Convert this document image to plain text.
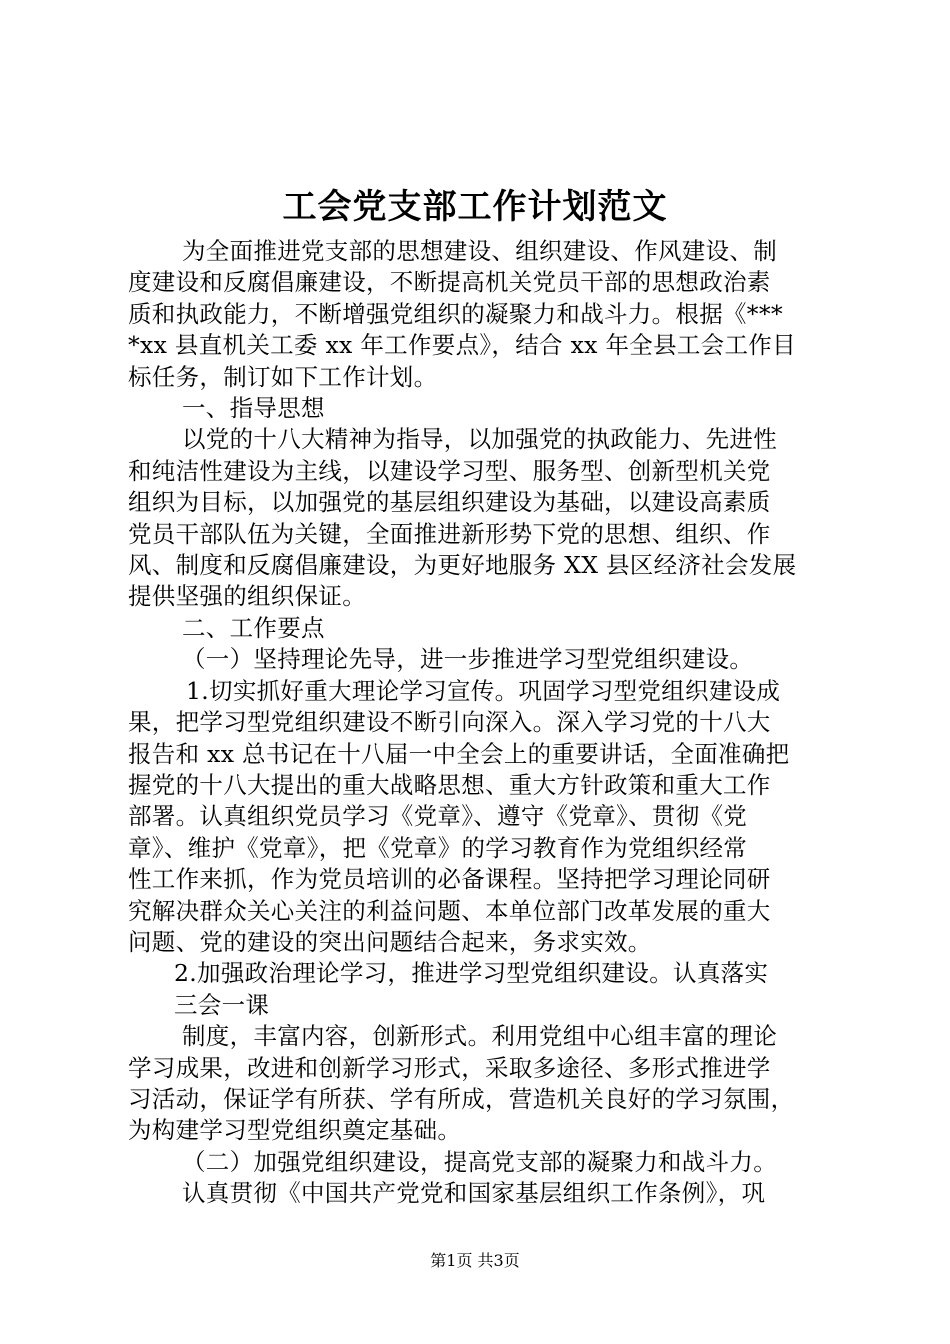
工会党支部工作计划范文

为全面推进党支部的思想建设、组织建设、作风建设、制

度建设和反腐倡廉建设，不断提高机关党员干部的思想政治素

质和执政能力，不断增强党组织的凝聚力和战斗力。根据《***

*xx 县直机关工委 xx 年工作要点》，结合 xx 年全县工会工作目

标任务，制订如下工作计划。

一、指导思想

以党的十八大精神为指导，以加强党的执政能力、先进性

和纯洁性建设为主线，以建设学习型、服务型、创新型机关党

组织为目标，以加强党的基层组织建设为基础，以建设高素质

党员干部队伍为关键，全面推进新形势下党的思想、组织、作

风、制度和反腐倡廉建设，为更好地服务 XX 县区经济社会发展

提供坚强的组织保证。

二、工作要点

（一）坚持理论先导，进一步推进学习型党组织建设。

1.切实抓好重大理论学习宣传。巩固学习型党组织建设成

果，把学习型党组织建设不断引向深入。深入学习党的十八大

报告和 xx 总书记在十八届一中全会上的重要讲话，全面准确把

握党的十八大提出的重大战略思想、重大方针政策和重大工作

部署。认真组织党员学习《党章》、遵守《党章》、贯彻《党

章》、维护《党章》，把《党章》的学习教育作为党组织经常

性工作来抓，作为党员培训的必备课程。坚持把学习理论同研

究解决群众关心关注的利益问题、本单位部门改革发展的重大

问题、党的建设的突出问题结合起来，务求实效。

2.加强政治理论学习，推进学习型党组织建设。认真落实

三会一课

制度，丰富内容，创新形式。利用党组中心组丰富的理论

学习成果，改进和创新学习形式，采取多途径、多形式推进学

习活动，保证学有所获、学有所成，营造机关良好的学习氛围，

为构建学习型党组织奠定基础。

（二）加强党组织建设，提高党支部的凝聚力和战斗力。

认真贯彻《中国共产党党和国家基层组织工作条例》，巩

第1页 共3页
